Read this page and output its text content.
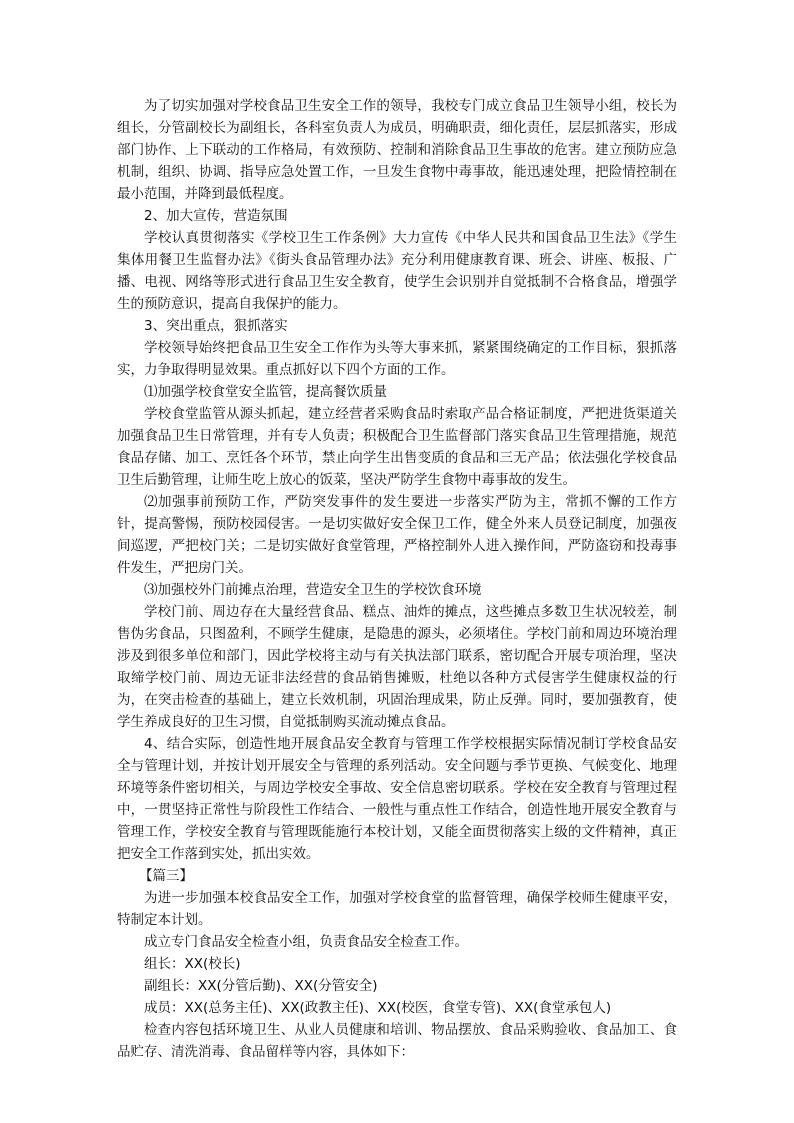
为了切实加强对学校食品卫生安全工作的领导，我校专门成立食品卫生领导小组，校长为组长，分管副校长为副组长，各科室负责人为成员，明确职责，细化责任，层层抓落实，形成部门协作、上下联动的工作格局，有效预防、控制和消除食品卫生事故的危害。建立预防应急机制，组织、协调、指导应急处置工作，一旦发生食物中毒事故，能迅速处理，把险情控制在最小范围，并降到最低程度。

2、加大宣传，营造氛围

学校认真贯彻落实《学校卫生工作条例》大力宣传《中华人民共和国食品卫生法》《学生集体用餐卫生监督办法》《街头食品管理办法》充分利用健康教育课、班会、讲座、板报、广播、电视、网络等形式进行食品卫生安全教育，使学生会识别并自觉抵制不合格食品，增强学生的预防意识，提高自我保护的能力。

3、突出重点，狠抓落实

学校领导始终把食品卫生安全工作作为头等大事来抓，紧紧围绕确定的工作目标，狠抓落实，力争取得明显效果。重点抓好以下四个方面的工作。

⑴加强学校食堂安全监管，提高餐饮质量

学校食堂监管从源头抓起，建立经营者采购食品时索取产品合格证制度，严把进货渠道关加强食品卫生日常管理，并有专人负责；积极配合卫生监督部门落实食品卫生管理措施，规范食品存储、加工、烹饪各个环节，禁止向学生出售变质的食品和三无产品；依法强化学校食品卫生后勤管理，让师生吃上放心的饭菜，坚决严防学生食物中毒事故的发生。

⑵加强事前预防工作，严防突发事件的发生要进一步落实严防为主，常抓不懈的工作方针，提高警惕，预防校园侵害。一是切实做好安全保卫工作，健全外来人员登记制度，加强夜间巡逻，严把校门关；二是切实做好食堂管理，严格控制外人进入操作间，严防盗窃和投毒事件发生，严把房门关。

⑶加强校外门前摊点治理，营造安全卫生的学校饮食环境

学校门前、周边存在大量经营食品、糕点、油炸的摊点，这些摊点多数卫生状况较差，制售伪劣食品，只图盈利，不顾学生健康，是隐患的源头，必须堵住。学校门前和周边环境治理涉及到很多单位和部门，因此学校将主动与有关执法部门联系，密切配合开展专项治理，坚决取缔学校门前、周边无证非法经营的食品销售摊贩，杜绝以各种方式侵害学生健康权益的行为，在突击检查的基础上，建立长效机制，巩固治理成果，防止反弹。同时，要加强教育，使学生养成良好的卫生习惯，自觉抵制购买流动摊点食品。

4、结合实际，创造性地开展食品安全教育与管理工作学校根据实际情况制订学校食品安全与管理计划，并按计划开展安全与管理的系列活动。安全问题与季节更换、气候变化、地理环境等条件密切相关，与周边学校安全事故、安全信息密切联系。学校在安全教育与管理过程中，一贯坚持正常性与阶段性工作结合、一般性与重点性工作结合，创造性地开展安全教育与管理工作，学校安全教育与管理既能施行本校计划，又能全面贯彻落实上级的文件精神，真正把安全工作落到实处，抓出实效。

【篇三】

为进一步加强本校食品安全工作，加强对学校食堂的监督管理，确保学校师生健康平安，特制定本计划。

成立专门食品安全检查小组，负责食品安全检查工作。

组长：XX(校长)

副组长：XX(分管后勤)、XX(分管安全)

成员：XX(总务主任)、XX(政教主任)、XX(校医，食堂专管)、XX(食堂承包人)

检查内容包括环境卫生、从业人员健康和培训、物品摆放、食品采购验收、食品加工、食品贮存、清洗消毒、食品留样等内容，具体如下：
